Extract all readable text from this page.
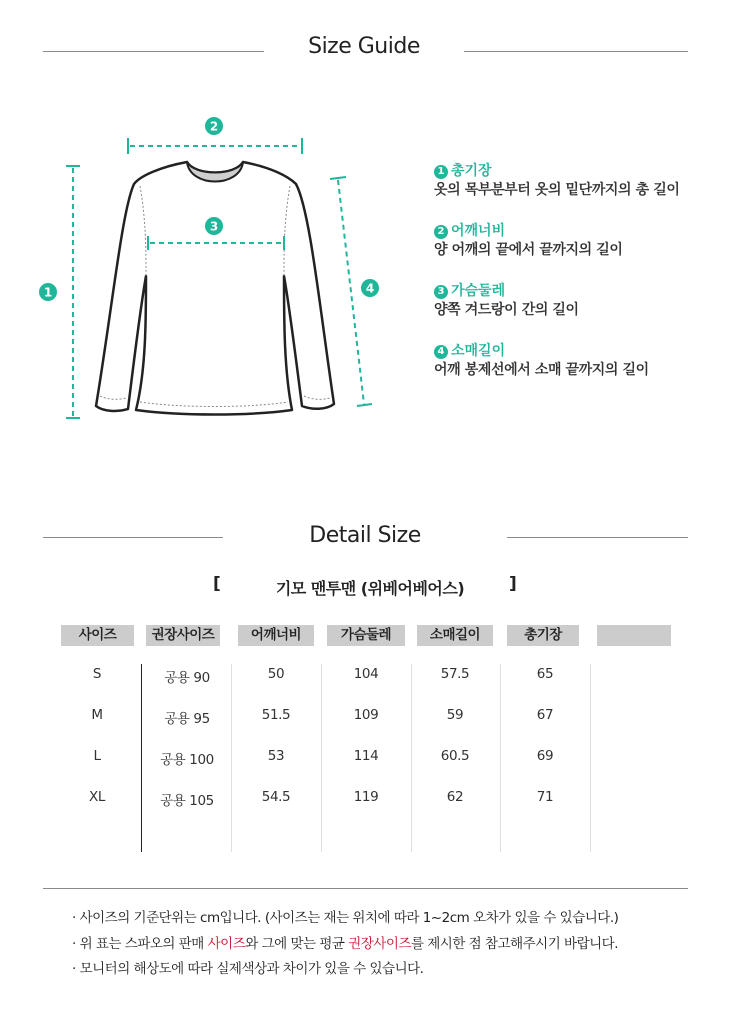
Size Guide
2
3
1	4
1 총기장
옷의 목부분부터 옷의 밑단까지의 총 길이
2 어깨너비
양 어깨의 끝에서 끝까지의 길이
3 가슴둘레
양쪽 겨드랑이 간의 길이
4 소매길이
어깨 봉제선에서 소매 끝까지의 길이
Detail Size
[	기모 맨투맨 (위베어베어스)	]
사이즈	권장사이즈	어깨너비	가슴둘레	소매길이	총기장
S	공용 90	50	104	57.5	65
M	공용 95	51.5	109	59	67
L	공용 100	53	114	60.5	69
XL	공용 105	54.5	119	62	71
· 사이즈의 기준단위는 cm입니다. (사이즈는 재는 위치에 따라 1~2cm 오차가 있을 수 있습니다.)
· 위 표는 스파오의 판매 사이즈와 그에 맞는 평균 권장사이즈를 제시한 점 참고해주시기 바랍니다.
· 모니터의 해상도에 따라 실제색상과 차이가 있을 수 있습니다.
